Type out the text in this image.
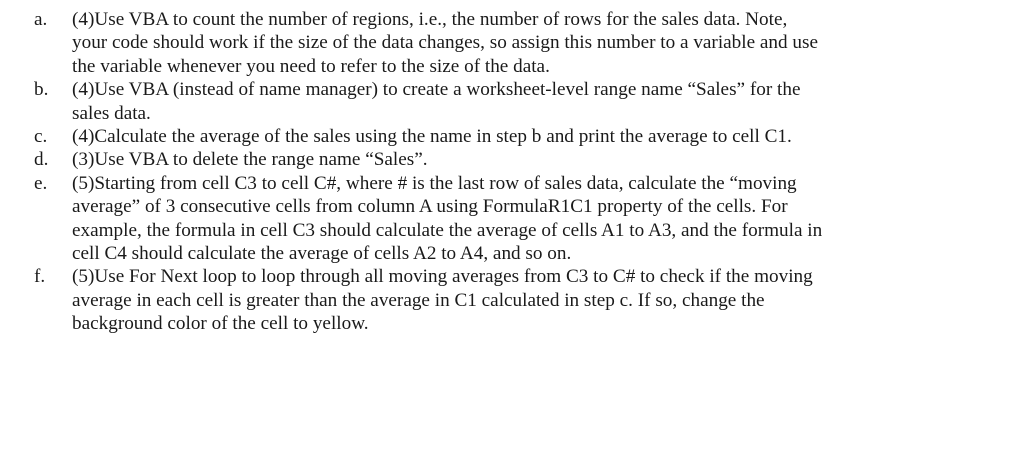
a.	(4)Use VBA to count the number of regions, i.e., the number of rows for the sales data. Note,
your code should work if the size of the data changes, so assign this number to a variable and use
the variable whenever you need to refer to the size of the data.
b.	(4)Use VBA (instead of name manager) to create a worksheet-level range name “Sales” for the
sales data.
c.	(4)Calculate the average of the sales using the name in step b and print the average to cell C1.
d.	(3)Use VBA to delete the range name “Sales”.
e.	(5)Starting from cell C3 to cell C#, where # is the last row of sales data, calculate the “moving
average” of 3 consecutive cells from column A using FormulaR1C1 property of the cells. For
example, the formula in cell C3 should calculate the average of cells A1 to A3, and the formula in
cell C4 should calculate the average of cells A2 to A4, and so on.
f.	(5)Use For Next loop to loop through all moving averages from C3 to C# to check if the moving
average in each cell is greater than the average in C1 calculated in step c. If so, change the
background color of the cell to yellow.
